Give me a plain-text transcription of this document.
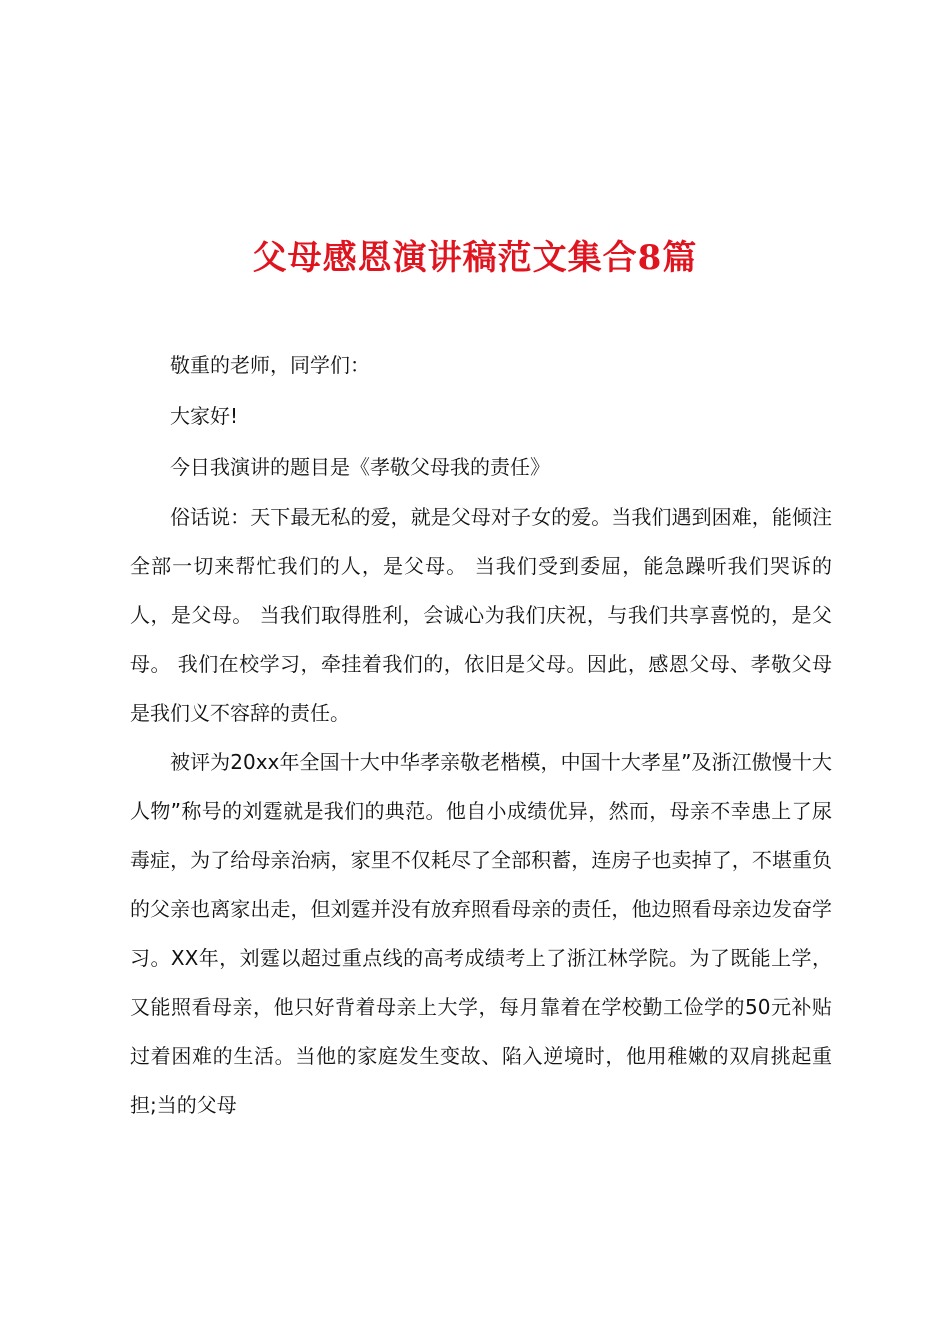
父母感恩演讲稿范文集合8篇

敬重的老师，同学们：

大家好!

今日我演讲的题目是《孝敬父母我的责任》

俗话说：天下最无私的爱，就是父母对子女的爱。当我们遇到困难，能倾注全部一切来帮忙我们的人，是父母。 当我们受到委屈，能急躁听我们哭诉的人，是父母。 当我们取得胜利，会诚心为我们庆祝，与我们共享喜悦的，是父母。 我们在校学习，牵挂着我们的，依旧是父母。因此，感恩父母、孝敬父母是我们义不容辞的责任。

被评为20xx年全国十大中华孝亲敬老楷模，中国十大孝星”及浙江傲慢十大人物”称号的刘霆就是我们的典范。他自小成绩优异，然而，母亲不幸患上了尿毒症，为了给母亲治病，家里不仅耗尽了全部积蓄，连房子也卖掉了，不堪重负的父亲也离家出走，但刘霆并没有放弃照看母亲的责任，他边照看母亲边发奋学习。XX年，刘霆以超过重点线的高考成绩考上了浙江林学院。为了既能上学，又能照看母亲，他只好背着母亲上大学，每月靠着在学校勤工俭学的50元补贴过着困难的生活。当他的家庭发生变故、陷入逆境时，他用稚嫩的双肩挑起重担;当的父母
